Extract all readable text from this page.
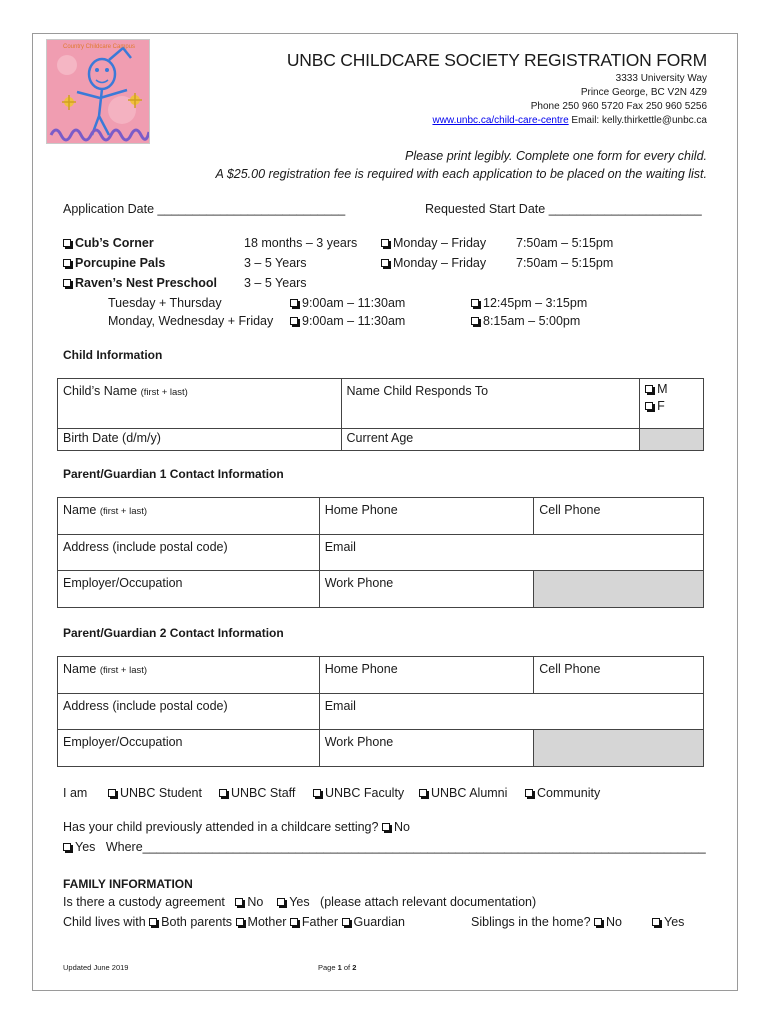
Country Childcare Campus
UNBC CHILDCARE SOCIETY REGISTRATION FORM
3333 University Way
Prince George, BC V2N 4Z9
Phone 250 960 5720 Fax 250 960 5256
www.unbc.ca/child-care-centre Email: kelly.thirkettle@unbc.ca
Please print legibly. Complete one form for every child.
A $25.00 registration fee is required with each application to be placed on the waiting list.
Application Date ___________________________	Requested Start Date ______________________
Cub’s Corner	18 months – 3 years	Monday – Friday 7:50am – 5:15pm
Porcupine Pals	3 – 5 Years	Monday – Friday 7:50am – 5:15pm
Raven’s Nest Preschool 3 – 5 Years
Tuesday + Thursday	9:00am – 11:30am	12:45pm – 3:15pm
Monday, Wednesday + Friday	9:00am – 11:30am	8:15am – 5:00pm
Child Information
Child’s Name (first + last)	Name Child Responds To	M
F

Birth Date (d/m/y)	Current Age	
Parent/Guardian 1 Contact Information
Name (first + last)	Home Phone	Cell Phone
Address (include postal code)	Email	
Employer/Occupation	Work Phone	
Parent/Guardian 2 Contact Information
Name (first + last)	Home Phone	Cell Phone
Address (include postal code)	Email	
Employer/Occupation	Work Phone	
I am	UNBC Student	UNBC Staff	UNBC Faculty	UNBC Alumni	Community
Has your child previously attended in a childcare setting? No
Yes Where_________________________________________________________________________________
FAMILY INFORMATION
Is there a custody agreement No Yes (please attach relevant documentation)
Child lives with Both parents Mother Father Guardian	Siblings in the home? No	Yes
Updated June 2019	Page 1 of 2
